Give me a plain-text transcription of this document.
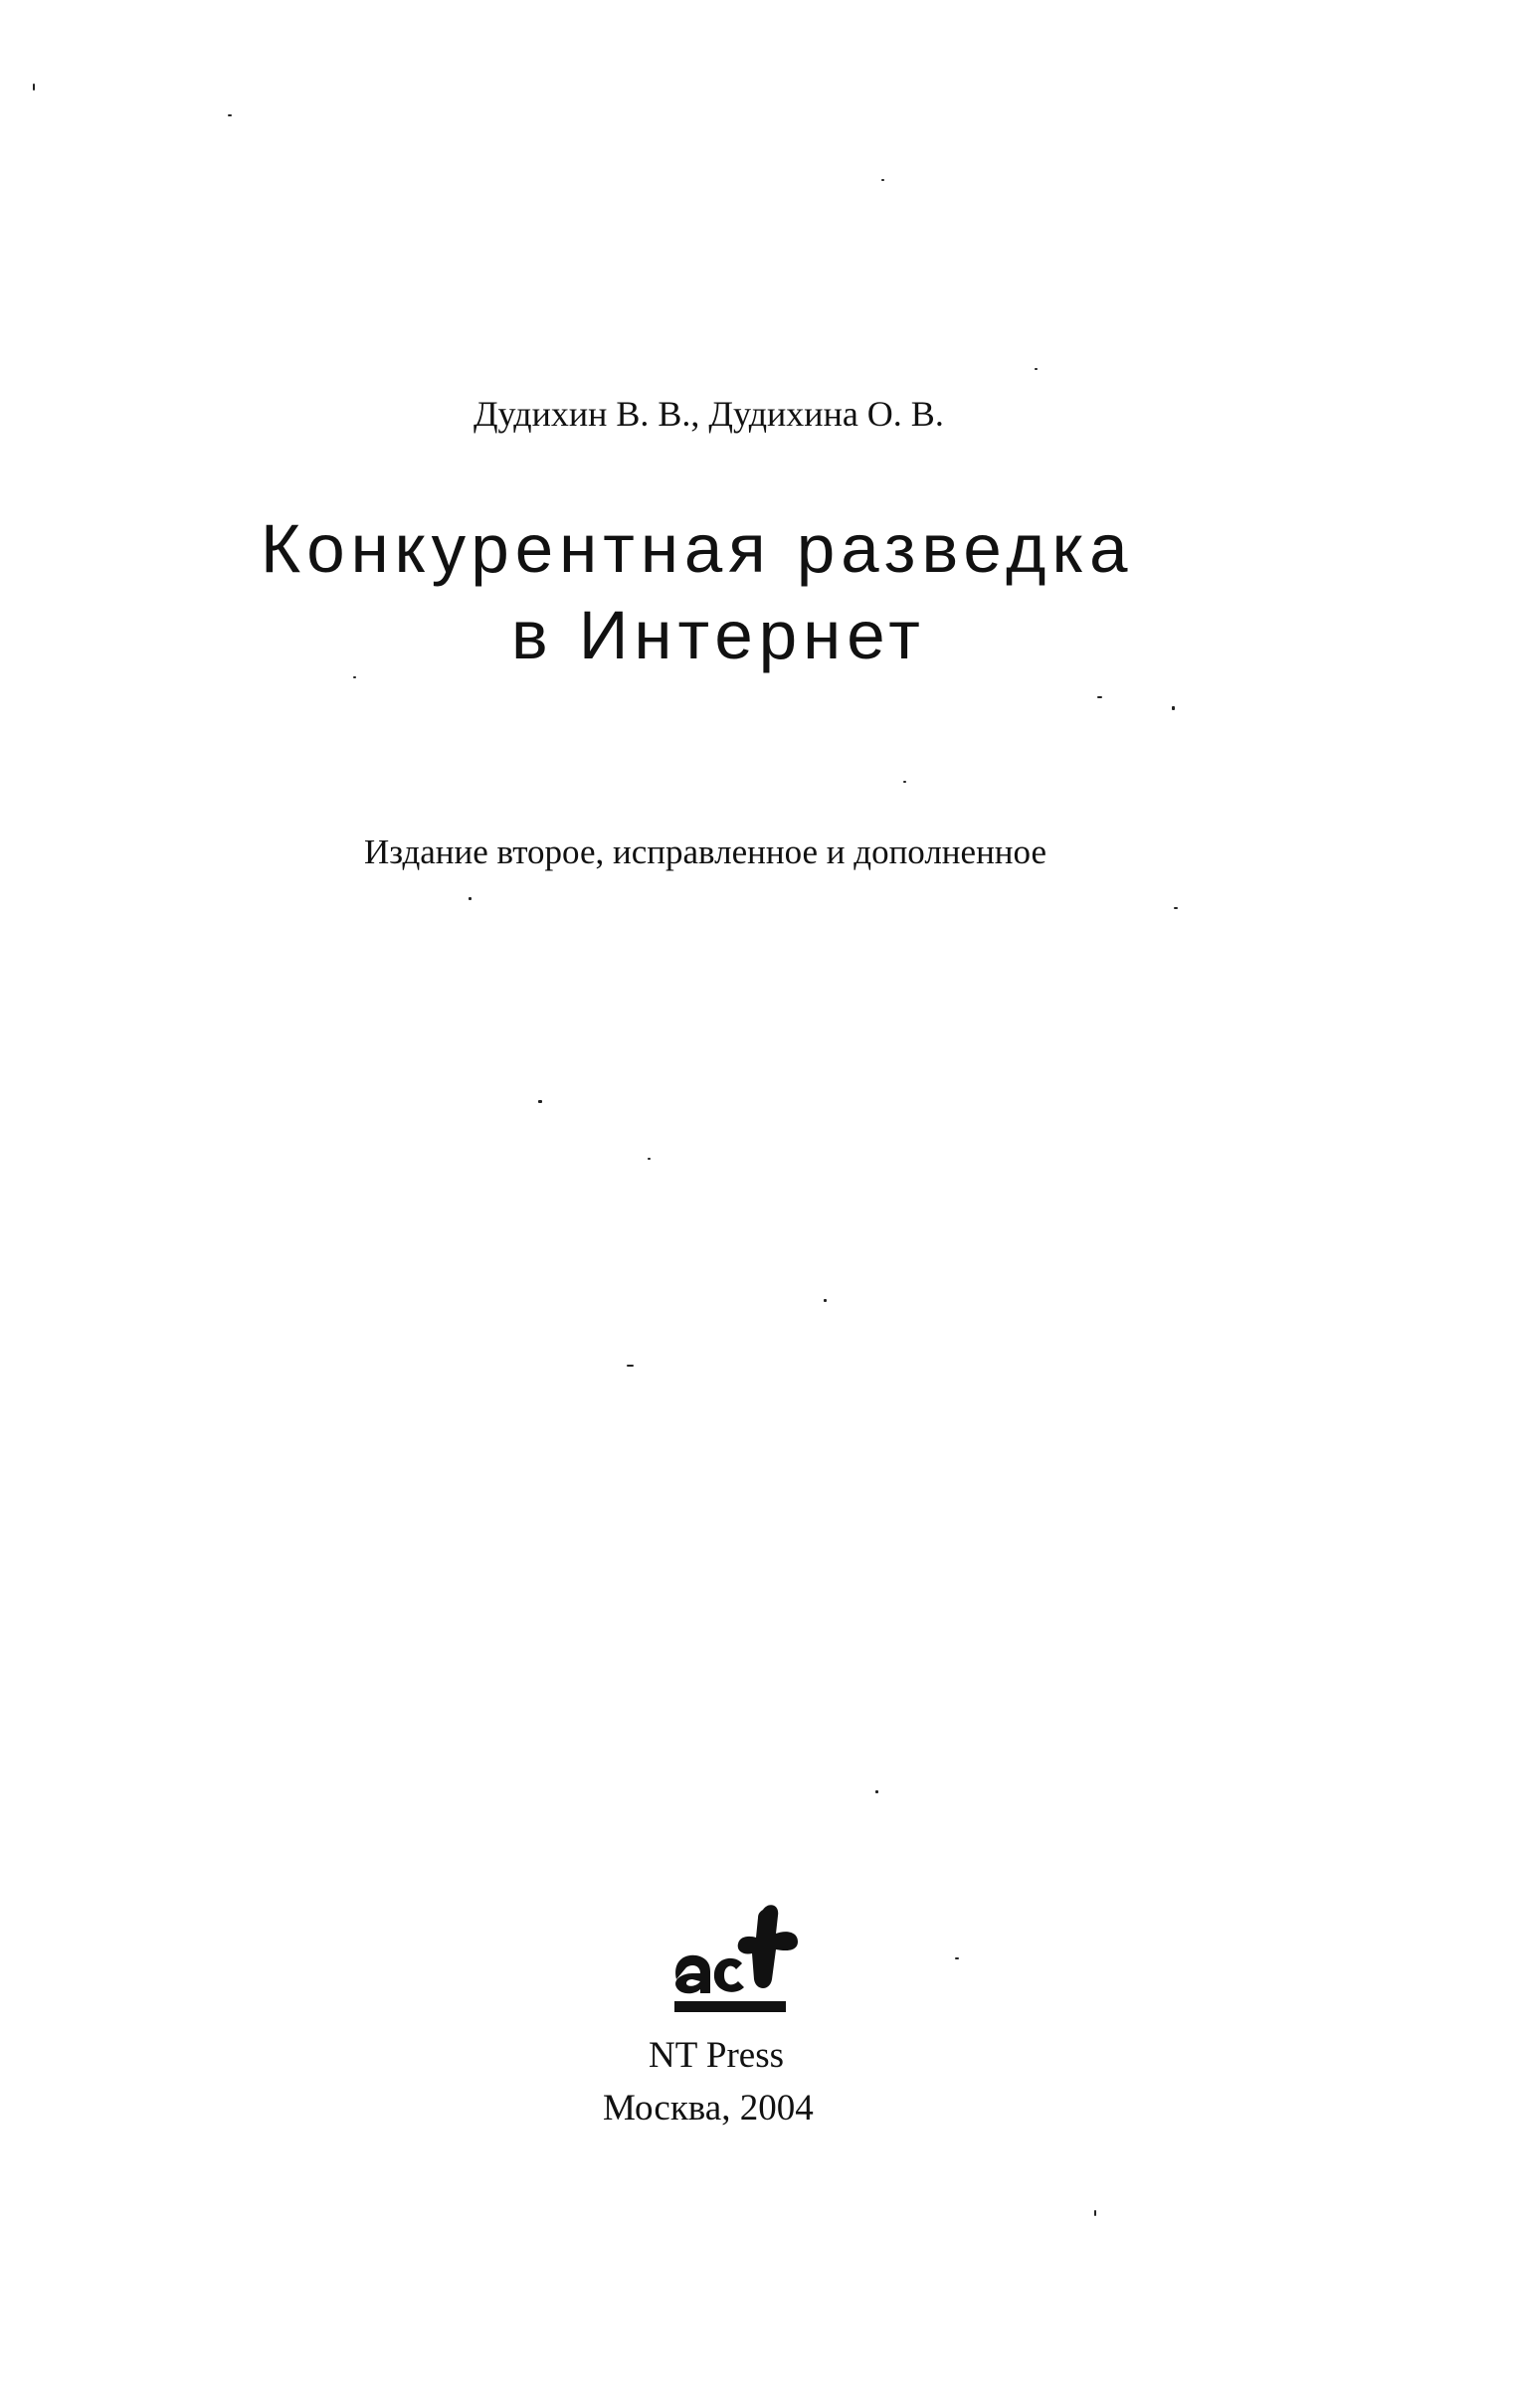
Дудихин В. В., Дудихина О. В.
Конкурентная разведка
в Интернет
Издание второе, исправленное и дополненное
NT Press
Москва, 2004
